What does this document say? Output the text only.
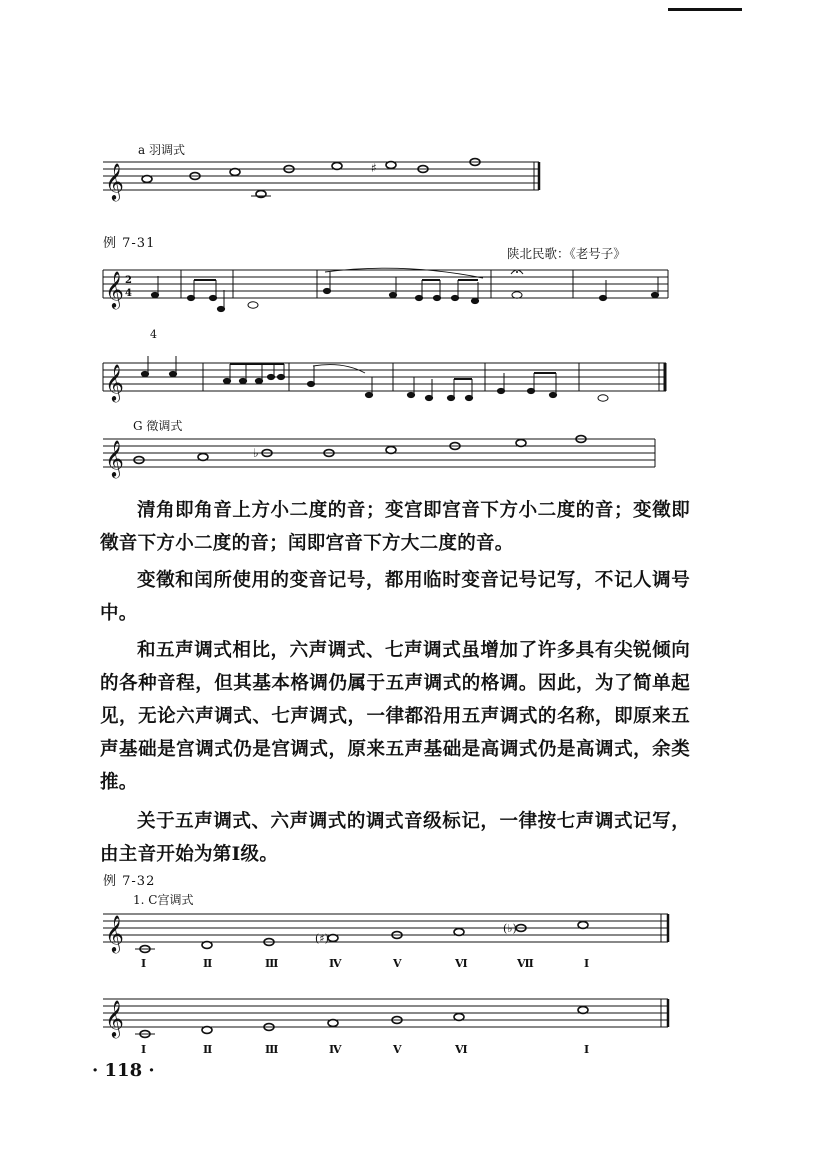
a 羽调式
𝄞	♯
例 7-31
陕北民歌：《老号子》
𝄞 2
4
4
𝄞
G 徵调式
𝄞	♭

清角即角音上方小二度的音；变宫即宫音下方小二度的音；变徵即徵音下方小二度的音；闰即宫音下方大二度的音。

变徵和闰所使用的变音记号，都用临时变音记号记写，不记人调号中。

和五声调式相比，六声调式、七声调式虽增加了许多具有尖锐倾向的各种音程，但其基本格调仍属于五声调式的格调。因此，为了简单起见，无论六声调式、七声调式，一律都沿用五声调式的名称，即原来五声基础是宫调式仍是宫调式，原来五声基础是高调式仍是高调式，余类推。

关于五声调式、六声调式的调式音级标记，一律按七声调式记写，由主音开始为第Ⅰ级。

例 7-32
1. C宫调式
𝄞	(♯)
(♭)
Ⅰ	Ⅱ	Ⅲ	Ⅳ	Ⅴ	Ⅵ	Ⅶ	Ⅰ
𝄞
Ⅰ	Ⅱ	Ⅲ	Ⅳ	Ⅴ	Ⅵ	Ⅰ
· 118 ·
